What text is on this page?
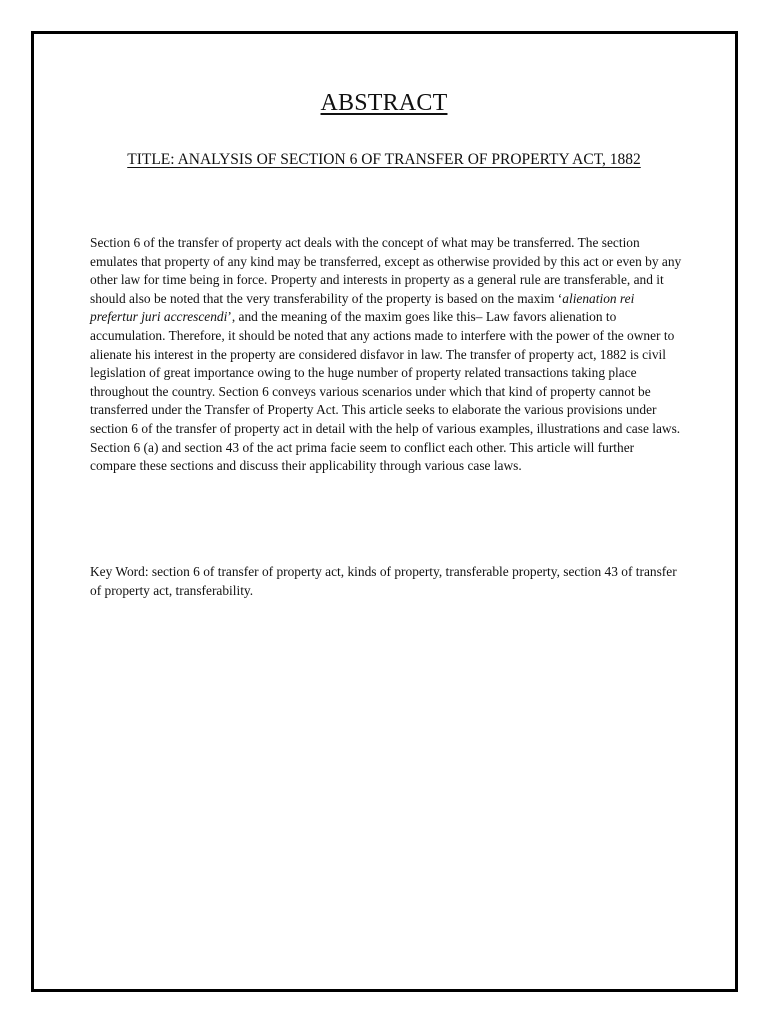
ABSTRACT
TITLE: ANALYSIS OF SECTION 6 OF TRANSFER OF PROPERTY ACT, 1882

Section 6 of the transfer of property act deals with the concept of what may be transferred. The section emulates that property of any kind may be transferred, except as otherwise provided by this act or even by any other law for time being in force. Property and interests in property as a general rule are transferable, and it should also be noted that the very transferability of the property is based on the maxim ‘alienation rei prefertur juri accrescendi’, and the meaning of the maxim goes like this– Law favors alienation to accumulation. Therefore, it should be noted that any actions made to interfere with the power of the owner to alienate his interest in the property are considered disfavor in law. The transfer of property act, 1882 is civil legislation of great importance owing to the huge number of property related transactions taking place throughout the country. Section 6 conveys various scenarios under which that kind of property cannot be transferred under the Transfer of Property Act. This article seeks to elaborate the various provisions under section 6 of the transfer of property act in detail with the help of various examples, illustrations and case laws. Section 6 (a) and section 43 of the act prima facie seem to conflict each other. This article will further compare these sections and discuss their applicability through various case laws.

Key Word: section 6 of transfer of property act, kinds of property, transferable property, section 43 of transfer of property act, transferability.
